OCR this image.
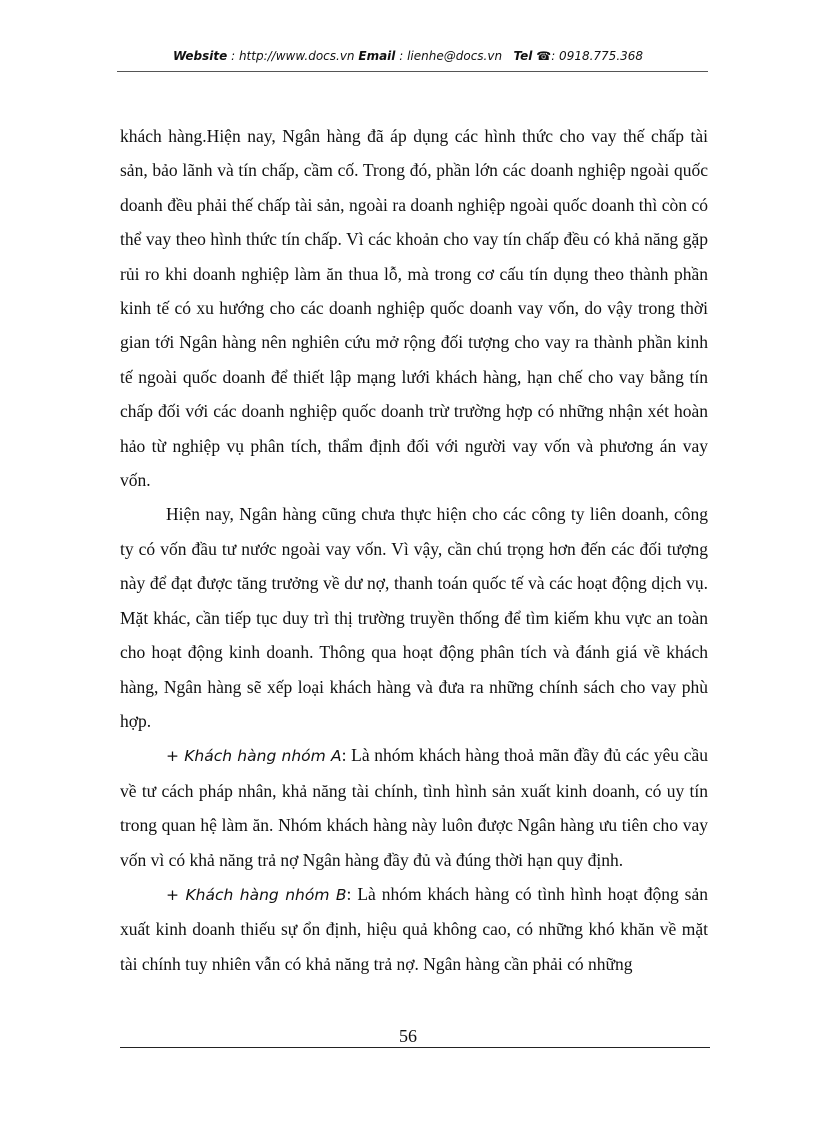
Website : http://www.docs.vn Email : lienhe@docs.vn Tel ☎: 0918.775.368

khách hàng.Hiện nay, Ngân hàng đã áp dụng các hình thức cho vay thế chấp tài sản, bảo lãnh và tín chấp, cầm cố. Trong đó, phần lớn các doanh nghiệp ngoài quốc doanh đều phải thế chấp tài sản, ngoài ra doanh nghiệp ngoài quốc doanh thì còn có thể vay theo hình thức tín chấp. Vì các khoản cho vay tín chấp đều có khả năng gặp rủi ro khi doanh nghiệp làm ăn thua lỗ, mà trong cơ cấu tín dụng theo thành phần kinh tế có xu hướng cho các doanh nghiệp quốc doanh vay vốn, do vậy trong thời gian tới Ngân hàng nên nghiên cứu mở rộng đối tượng cho vay ra thành phần kinh tế ngoài quốc doanh để thiết lập mạng lưới khách hàng, hạn chế cho vay bằng tín chấp đối với các doanh nghiệp quốc doanh trừ trường hợp có những nhận xét hoàn hảo từ nghiệp vụ phân tích, thẩm định đối với người vay vốn và phương án vay vốn.

Hiện nay, Ngân hàng cũng chưa thực hiện cho các công ty liên doanh, công ty có vốn đầu tư nước ngoài vay vốn. Vì vậy, cần chú trọng hơn đến các đối tượng này để đạt được tăng trưởng về dư nợ, thanh toán quốc tế và các hoạt động dịch vụ. Mặt khác, cần tiếp tục duy trì thị trường truyền thống để tìm kiếm khu vực an toàn cho hoạt động kinh doanh. Thông qua hoạt động phân tích và đánh giá về khách hàng, Ngân hàng sẽ xếp loại khách hàng và đưa ra những chính sách cho vay phù hợp.

+ Khách hàng nhóm A: Là nhóm khách hàng thoả mãn đầy đủ các yêu cầu về tư cách pháp nhân, khả năng tài chính, tình hình sản xuất kinh doanh, có uy tín trong quan hệ làm ăn. Nhóm khách hàng này luôn được Ngân hàng ưu tiên cho vay vốn vì có khả năng trả nợ Ngân hàng đầy đủ và đúng thời hạn quy định.

+ Khách hàng nhóm B: Là nhóm khách hàng có tình hình hoạt động sản xuất kinh doanh thiếu sự ổn định, hiệu quả không cao, có những khó khăn về mặt tài chính tuy nhiên vẫn có khả năng trả nợ. Ngân hàng cần phải có những

56
